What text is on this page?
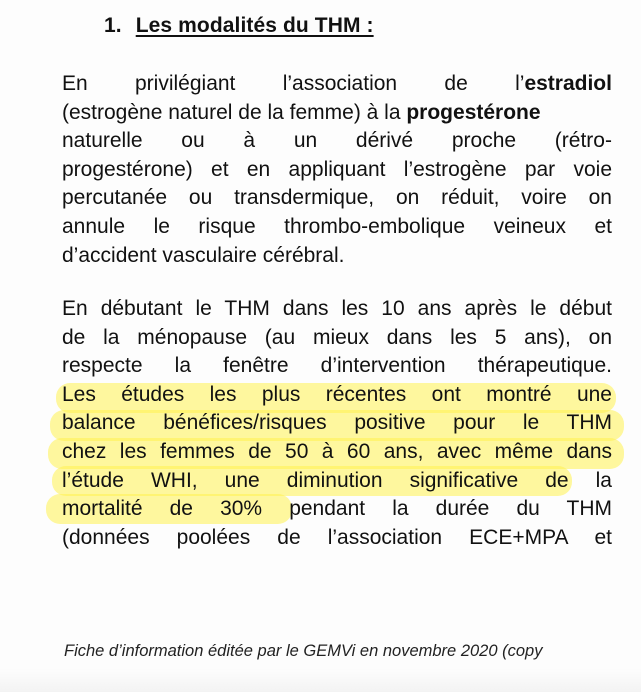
1. Les modalités du THM :
En privilégiant l’association de l’estradiol
(estrogène naturel de la femme) à la progestérone
naturelle ou à un dérivé proche (rétro-
progestérone) et en appliquant l’estrogène par voie
percutanée ou transdermique, on réduit, voire on
annule le risque thrombo-embolique veineux et
d’accident vasculaire cérébral.
En débutant le THM dans les 10 ans après le début
de la ménopause (au mieux dans les 5 ans), on
respecte la fenêtre d’intervention thérapeutique.
Les études les plus récentes ont montré une
balance bénéfices/risques positive pour le THM
chez les femmes de 50 à 60 ans, avec même dans
l’étude WHI, une diminution significative de la
mortalité de 30% pendant la durée du THM
(données poolées de l’association ECE+MPA et
Fiche d’information éditée par le GEMVi en novembre 2020 (copy
